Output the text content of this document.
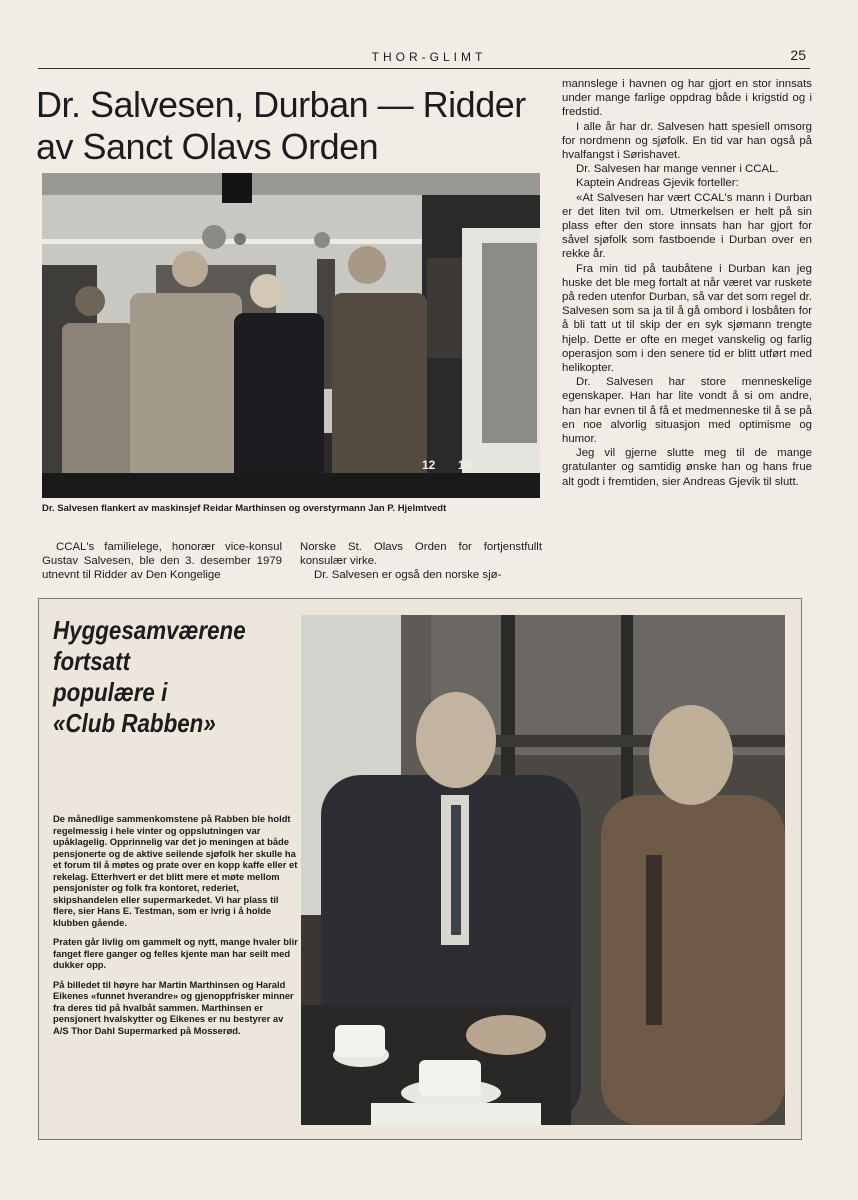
THOR-GLIMT	25
Dr. Salvesen, Durban — Ridder av Sanct Olavs Orden
12 10

Dr. Salvesen flankert av maskinsjef Reidar Marthinsen og overstyrmann Jan P. Hjelmtvedt

CCAL's familielege, honorær vice-konsul Gustav Salvesen, ble den 3. desember 1979 utnevnt til Ridder av Den Kongelige

Norske St. Olavs Orden for fortjenstfullt konsulær virke.

Dr. Salvesen er også den norske sjø-

mannslege i havnen og har gjort en stor innsats under mange farlige oppdrag både i krigstid og i fredstid.

I alle år har dr. Salvesen hatt spesiell omsorg for nordmenn og sjøfolk. En tid var han også på hvalfangst i Sørishavet.

Dr. Salvesen har mange venner i CCAL.

Kaptein Andreas Gjevik forteller:

«At Salvesen har vært CCAL's mann i Durban er det liten tvil om. Utmerkelsen er helt på sin plass efter den store innsats han har gjort for såvel sjøfolk som fastboende i Durban over en rekke år.

Fra min tid på taubåtene i Durban kan jeg huske det ble meg fortalt at når været var ruskete på reden utenfor Durban, så var det som regel dr. Salvesen som sa ja til å gå ombord i losbåten for å bli tatt ut til skip der en syk sjømann trengte hjelp. Dette er ofte en meget vanskelig og farlig operasjon som i den senere tid er blitt utført med helikopter.

Dr. Salvesen har store menneskelige egenskaper. Han har lite vondt å si om andre, han har evnen til å få et medmenneske til å se på en noe alvorlig situasjon med optimisme og humor.

Jeg vil gjerne slutte meg til de mange gratulanter og samtidig ønske han og hans frue alt godt i fremtiden, sier Andreas Gjevik til slutt.

Hyggesamværene
fortsatt
populære i
«Club Rabben»

De månedlige sammenkomstene på Rabben ble holdt regelmessig i hele vinter og oppslutningen var upåklagelig. Opprinnelig var det jo meningen at både pensjonerte og de aktive seilende sjøfolk her skulle ha et forum til å møtes og prate over en kopp kaffe eller et rekelag. Etterhvert er det blitt mere et møte mellom pensjonister og folk fra kontoret, rederiet, skipshandelen eller supermarkedet. Vi har plass til flere, sier Hans E. Testman, som er ivrig i å holde klubben gående.

Praten går livlig om gammelt og nytt, mange hvaler blir fanget flere ganger og felles kjente man har seilt med dukker opp.

På billedet til høyre har Martin Marthinsen og Harald Eikenes «funnet hverandre» og gjenoppfrisker minner fra deres tid på hvalbåt sammen. Marthinsen er pensjonert hvalskytter og Eikenes er nu bestyrer av A/S Thor Dahl Supermarked på Mosserød.
